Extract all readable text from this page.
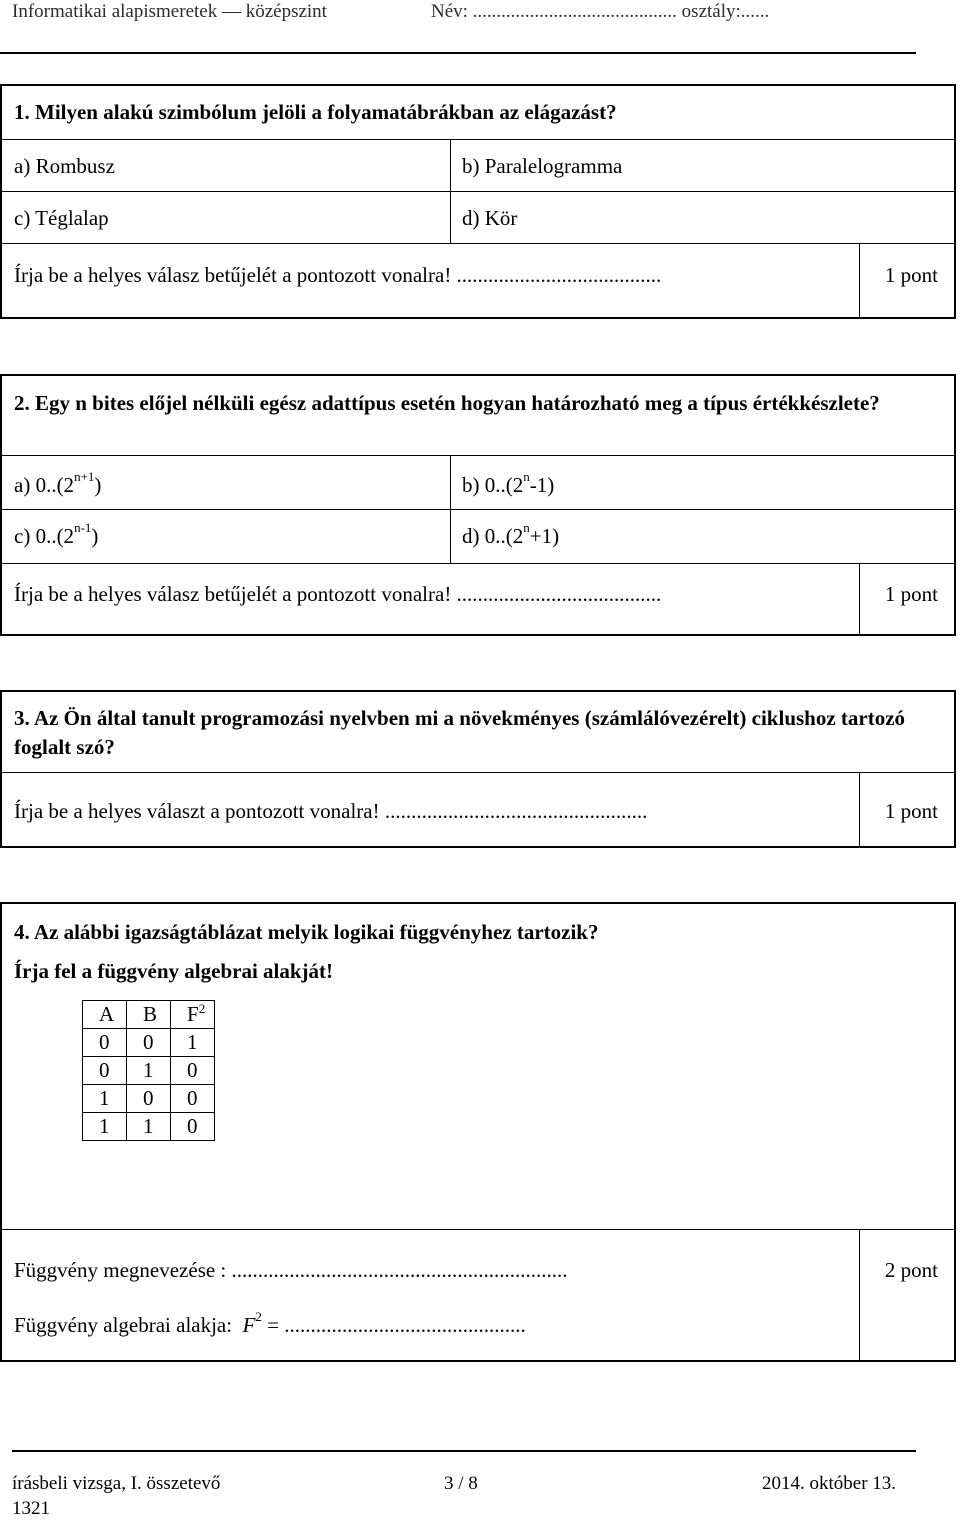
Informatikai alapismeretek — középszint	Név: ........................................... osztály:......
1. Milyen alakú szimbólum jelöli a folyamatábrákban az elágazást?
a) Rombusz	b) Paralelogramma
c) Téglalap	d) Kör
Írja be a helyes válasz betűjelét a pontozott vonalra! .......................................	1 pont
2. Egy n bites előjel nélküli egész adattípus esetén hogyan határozható meg a típus értékkészlete?
a) $0..(2^{n+1})$	b) 0..(2$^n$-1)
c) 0..(2$^{n-1}$)	d) $0..(2^n+1)$
Írja be a helyes válasz betűjelét a pontozott vonalra! .......................................	1 pont
3. Az Ön által tanult programozási nyelvben mi a növekményes (számlálóvezérelt) ciklushoz tartozó foglalt szó?
Írja be a helyes választ a pontozott vonalra! ..................................................	1 pont
4. Az alábbi igazságtáblázat melyik logikai függvényhez tartozik?
Írja fel a függvény algebrai alakját!
Függvény megnevezése : ................................................................	2 pont
Függvény algebrai alakja: $F^2$ = ..............................................
A	B	$F^2$
0	0	1
0	1	0
1	0	0
1	1	0
írásbeli vizsga, I. összetevő
1321
3 / 8	2014. október 13.
